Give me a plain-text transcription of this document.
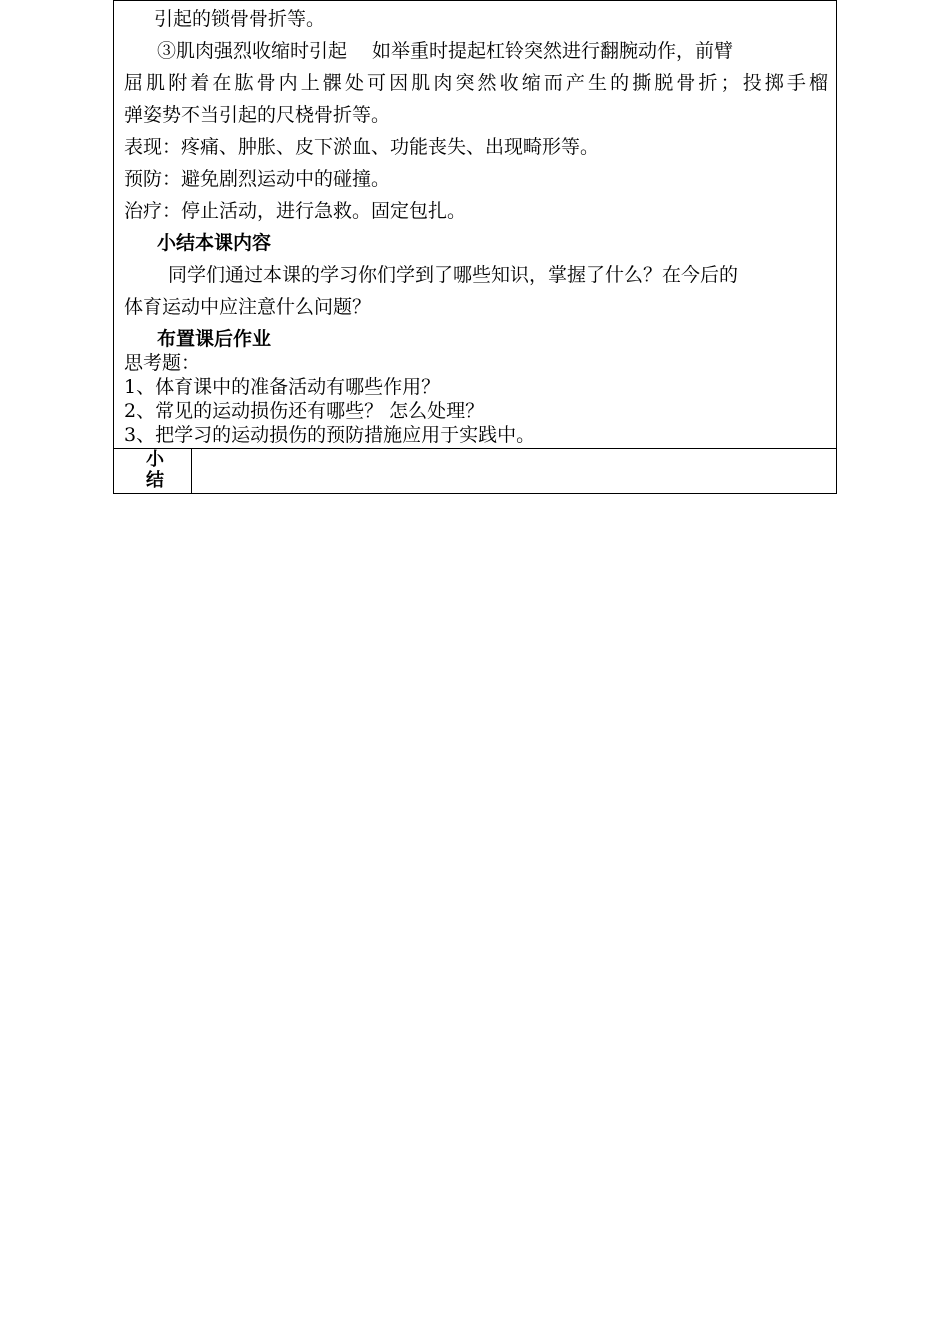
引起的锁骨骨折等。
③肌肉强烈收缩时引起　 如举重时提起杠铃突然进行翻腕动作，前臂
屈肌附着在肱骨内上髁处可因肌肉突然收缩而产生的撕脱骨折；投掷手榴
弹姿势不当引起的尺桡骨折等。
表现：疼痛、肿胀、皮下淤血、功能丧失、出现畸形等。
预防：避免剧烈运动中的碰撞。
治疗：停止活动，进行急救。固定包扎。
小结本课内容
同学们通过本课的学习你们学到了哪些知识，掌握了什么？在今后的
体育运动中应注意什么问题？
布置课后作业
思考题：
1、体育课中的准备活动有哪些作用？
2、常见的运动损伤还有哪些？ 怎么处理？
3、把学习的运动损伤的预防措施应用于实践中。
小结
